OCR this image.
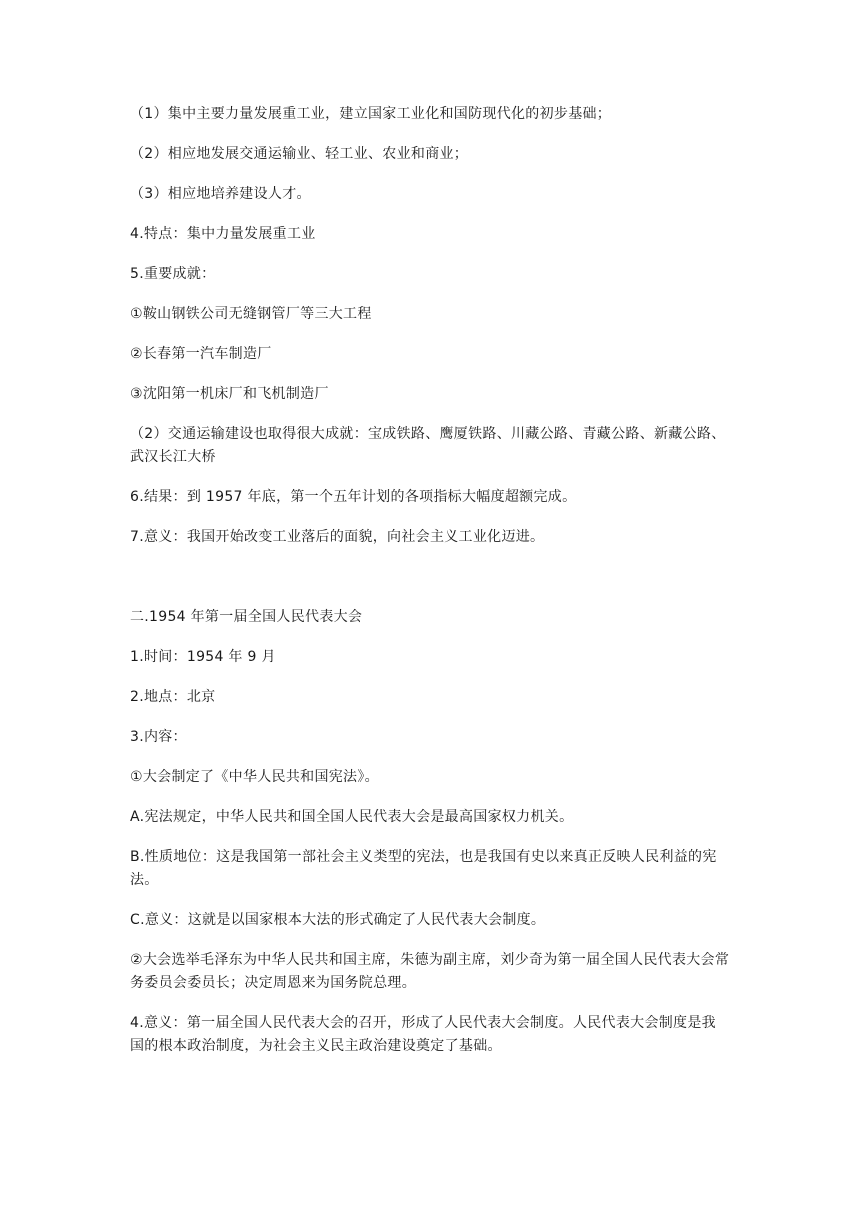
（1）集中主要力量发展重工业，建立国家工业化和国防现代化的初步基础；

（2）相应地发展交通运输业、轻工业、农业和商业；

（3）相应地培养建设人才。

4.特点：集中力量发展重工业

5.重要成就：

①鞍山钢铁公司无缝钢管厂等三大工程

②长春第一汽车制造厂

③沈阳第一机床厂和飞机制造厂

（2）交通运输建设也取得很大成就：宝成铁路、鹰厦铁路、川藏公路、青藏公路、新藏公路、武汉长江大桥

6.结果：到 1957 年底，第一个五年计划的各项指标大幅度超额完成。

7.意义：我国开始改变工业落后的面貌，向社会主义工业化迈进。

二.1954 年第一届全国人民代表大会

1.时间：1954 年 9 月

2.地点：北京

3.内容：

①大会制定了《中华人民共和国宪法》。

A.宪法规定，中华人民共和国全国人民代表大会是最高国家权力机关。

B.性质地位：这是我国第一部社会主义类型的宪法，也是我国有史以来真正反映人民利益的宪法。

C.意义：这就是以国家根本大法的形式确定了人民代表大会制度。

②大会选举毛泽东为中华人民共和国主席，朱德为副主席，刘少奇为第一届全国人民代表大会常务委员会委员长；决定周恩来为国务院总理。

4.意义：第一届全国人民代表大会的召开，形成了人民代表大会制度。人民代表大会制度是我国的根本政治制度，为社会主义民主政治建设奠定了基础。
